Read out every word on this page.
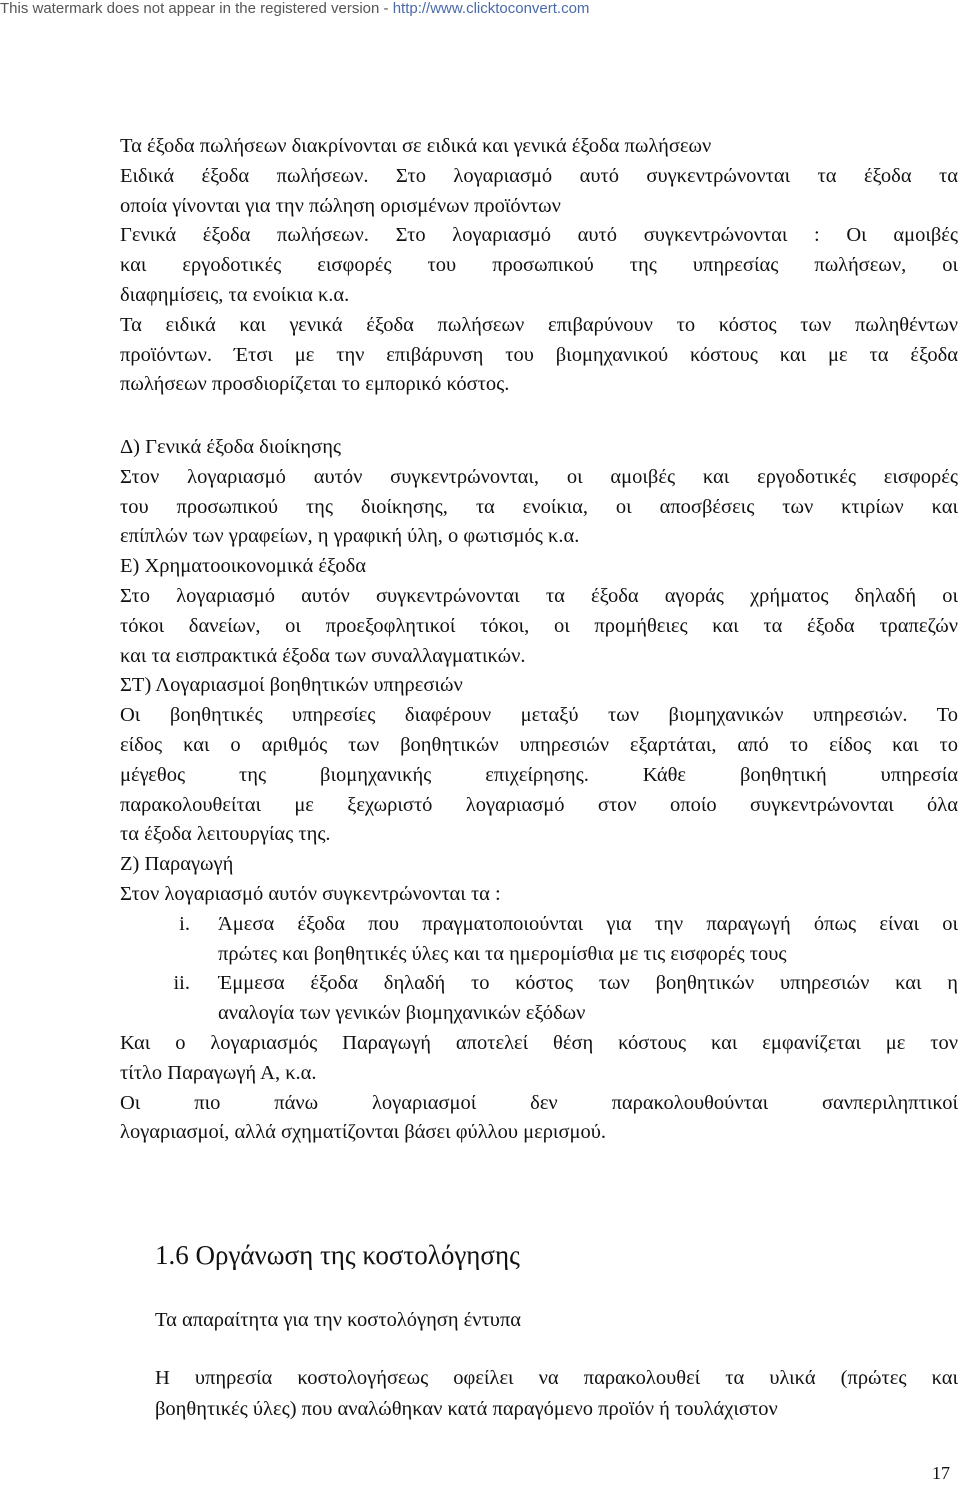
This watermark does not appear in the registered version - http://www.clicktoconvert.com
Τα έξοδα πωλήσεων διακρίνονται σε ειδικά και γενικά έξοδα πωλήσεων
Ειδικά έξοδα πωλήσεων. Στο λογαριασμό αυτό συγκεντρώνονται τα έξοδα τα
οποία γίνονται για την πώληση ορισμένων προϊόντων
Γενικά έξοδα πωλήσεων. Στο λογαριασμό αυτό συγκεντρώνονται : Οι αμοιβές
και εργοδοτικές εισφορές του προσωπικού της υπηρεσίας πωλήσεων, οι
διαφημίσεις, τα ενοίκια κ.α.
Τα ειδικά και γενικά έξοδα πωλήσεων επιβαρύνουν το κόστος των πωληθέντων
προϊόντων. Έτσι με την επιβάρυνση του βιομηχανικού κόστους και με τα έξοδα
πωλήσεων προσδιορίζεται το εμπορικό κόστος.
Δ) Γενικά έξοδα διοίκησης
Στον λογαριασμό αυτόν συγκεντρώνονται, οι αμοιβές και εργοδοτικές εισφορές
του προσωπικού της διοίκησης, τα ενοίκια, οι αποσβέσεις των κτιρίων και
επίπλών των γραφείων, η γραφική ύλη, ο φωτισμός κ.α.
Ε) Χρηματοοικονομικά έξοδα
Στο λογαριασμό αυτόν συγκεντρώνονται τα έξοδα αγοράς χρήματος δηλαδή οι
τόκοι δανείων, οι προεξοφλητικοί τόκοι, οι προμήθειες και τα έξοδα τραπεζών
και τα εισπρακτικά έξοδα των συναλλαγματικών.
ΣΤ) Λογαριασμοί βοηθητικών υπηρεσιών
Οι βοηθητικές υπηρεσίες διαφέρουν μεταξύ των βιομηχανικών υπηρεσιών. Το
είδος και ο αριθμός των βοηθητικών υπηρεσιών εξαρτάται, από το είδος και το
μέγεθος της βιομηχανικής επιχείρησης. Κάθε βοηθητική υπηρεσία
παρακολουθείται με ξεχωριστό λογαριασμό στον οποίο συγκεντρώνονται όλα
τα έξοδα λειτουργίας της.
Ζ) Παραγωγή
Στον λογαριασμό αυτόν συγκεντρώνονται τα :
i. Άμεσα έξοδα που πραγματοποιούνται για την παραγωγή όπως είναι οι
πρώτες και βοηθητικές ύλες και τα ημερομίσθια με τις εισφορές τους
ii. Έμμεσα έξοδα δηλαδή το κόστος των βοηθητικών υπηρεσιών και η
αναλογία των γενικών βιομηχανικών εξόδων
Και ο λογαριασμός Παραγωγή αποτελεί θέση κόστους και εμφανίζεται με τον
τίτλο Παραγωγή Α, κ.α.
Οι πιο πάνω λογαριασμοί δεν παρακολουθούνται σανπεριληπτικοί
λογαριασμοί, αλλά σχηματίζονται βάσει φύλλου μερισμού.
1.6 Οργάνωση της κοστολόγησης

Τα απαραίτητα για την κοστολόγηση έντυπα

Η υπηρεσία κοστολογήσεως οφείλει να παρακολουθεί τα υλικά (πρώτες και
βοηθητικές ύλες) που αναλώθηκαν κατά παραγόμενο προϊόν ή τουλάχιστον
17
